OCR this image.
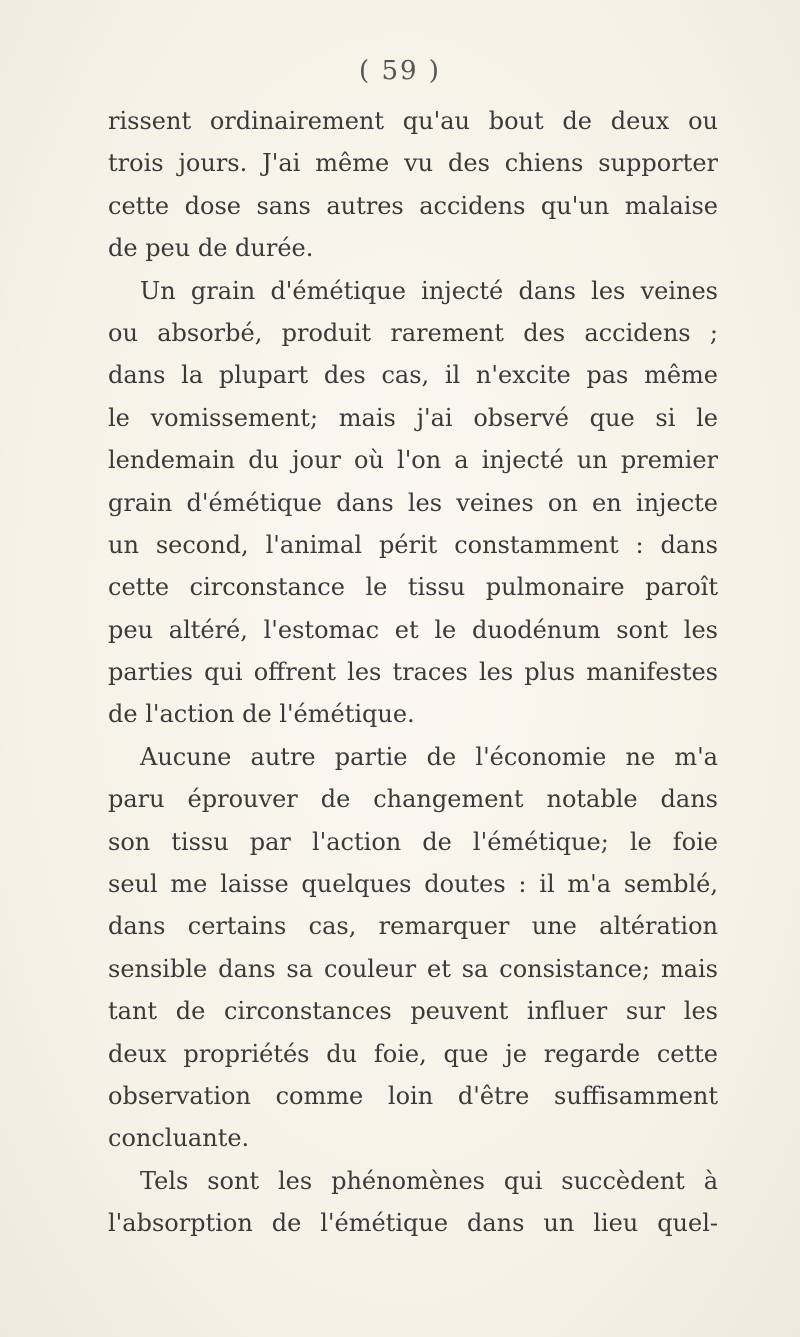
( 59 )
rissent ordinairement qu'au bout de deux ou
trois jours. J'ai même vu des chiens supporter
cette dose sans autres accidens qu'un malaise
de peu de durée.
Un grain d'émétique injecté dans les veines
ou absorbé, produit rarement des accidens ;
dans la plupart des cas, il n'excite pas même
le vomissement; mais j'ai observé que si le
lendemain du jour où l'on a injecté un premier
grain d'émétique dans les veines on en injecte
un second, l'animal périt constamment : dans
cette circonstance le tissu pulmonaire paroît
peu altéré, l'estomac et le duodénum sont les
parties qui offrent les traces les plus manifestes
de l'action de l'émétique.
Aucune autre partie de l'économie ne m'a
paru éprouver de changement notable dans
son tissu par l'action de l'émétique; le foie
seul me laisse quelques doutes : il m'a semblé,
dans certains cas, remarquer une altération
sensible dans sa couleur et sa consistance; mais
tant de circonstances peuvent influer sur les
deux propriétés du foie, que je regarde cette
observation comme loin d'être suffisamment
concluante.
Tels sont les phénomènes qui succèdent à
l'absorption de l'émétique dans un lieu quel-
